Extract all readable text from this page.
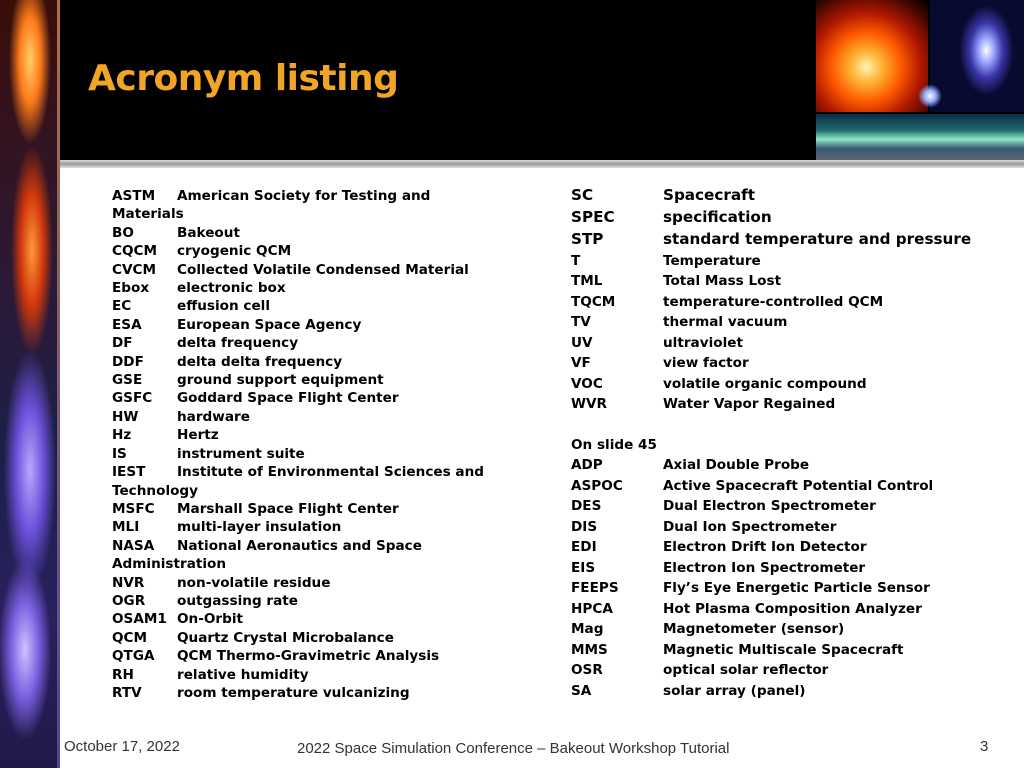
Acronym listing
ASTM	American Society for Testing and
Materials
BO	Bakeout
CQCM	cryogenic QCM
CVCM	Collected Volatile Condensed Material
Ebox	electronic box
EC	effusion cell
ESA	European Space Agency
DF	delta frequency
DDF	delta delta frequency
GSE	ground support equipment
GSFC	Goddard Space Flight Center
HW	hardware
Hz	Hertz
IS	instrument suite
IEST	Institute of Environmental Sciences and
Technology
MSFC	Marshall Space Flight Center
MLI	multi-layer insulation
NASA	National Aeronautics and Space
Administration
NVR	non-volatile residue
OGR	outgassing rate
OSAM1 On-Orbit
QCM	Quartz Crystal Microbalance
QTGA	QCM Thermo-Gravimetric Analysis
RH	relative humidity
RTV	room temperature vulcanizing
SC	Spacecraft
SPEC	specification
STP	standard temperature and pressure
T	Temperature
TML	Total Mass Lost
TQCM	temperature-controlled QCM
TV	thermal vacuum
UV	ultraviolet
VF	view factor
VOC	volatile organic compound
WVR	Water Vapor Regained
On slide 45
ADP	Axial Double Probe
ASPOC	Active Spacecraft Potential Control
DES	Dual Electron Spectrometer
DIS	Dual Ion Spectrometer
EDI	Electron Drift Ion Detector
EIS	Electron Ion Spectrometer
FEEPS	Fly’s Eye Energetic Particle Sensor
HPCA	Hot Plasma Composition Analyzer
Mag	Magnetometer (sensor)
MMS	Magnetic Multiscale Spacecraft
OSR	optical solar reflector
SA	solar array (panel)
October 17, 2022	2022 Space Simulation Conference – Bakeout Workshop Tutorial	3
